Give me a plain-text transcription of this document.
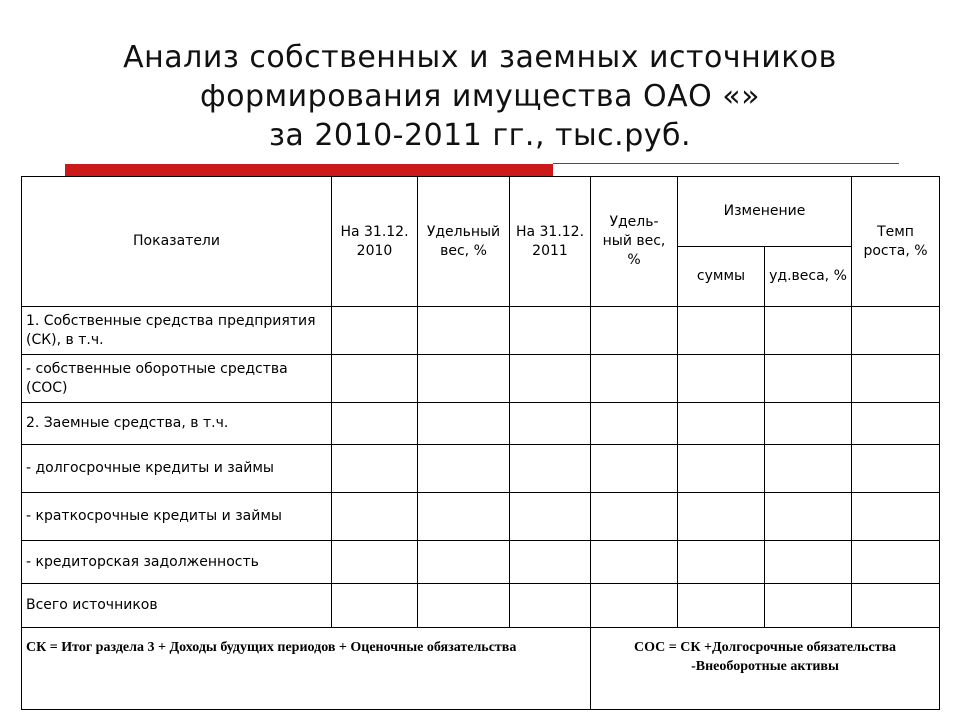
Анализ собственных и заемных источников
формирования имущества ОАО «»
за 2010-2011 гг., тыс.руб.
Показатели	На 31.12. 2010	Удельный вес, %	На 31.12. 2011	Удель-ный вес, %	Изменение		Темп роста, %
					суммы	уд.веса, %	
1. Собственные средства предприятия (СК), в т.ч.							
- собственные оборотные средства (СОС)							
2. Заемные средства, в т.ч.							
- долгосрочные кредиты и займы							
- краткосрочные кредиты и займы							
- кредиторская задолженность							
Всего источников							
СК = Итог раздела 3 + Доходы будущих периодов + Оценочные обязательства				СОС = СК +Долгосрочные обязательства -Внеоборотные активы			
